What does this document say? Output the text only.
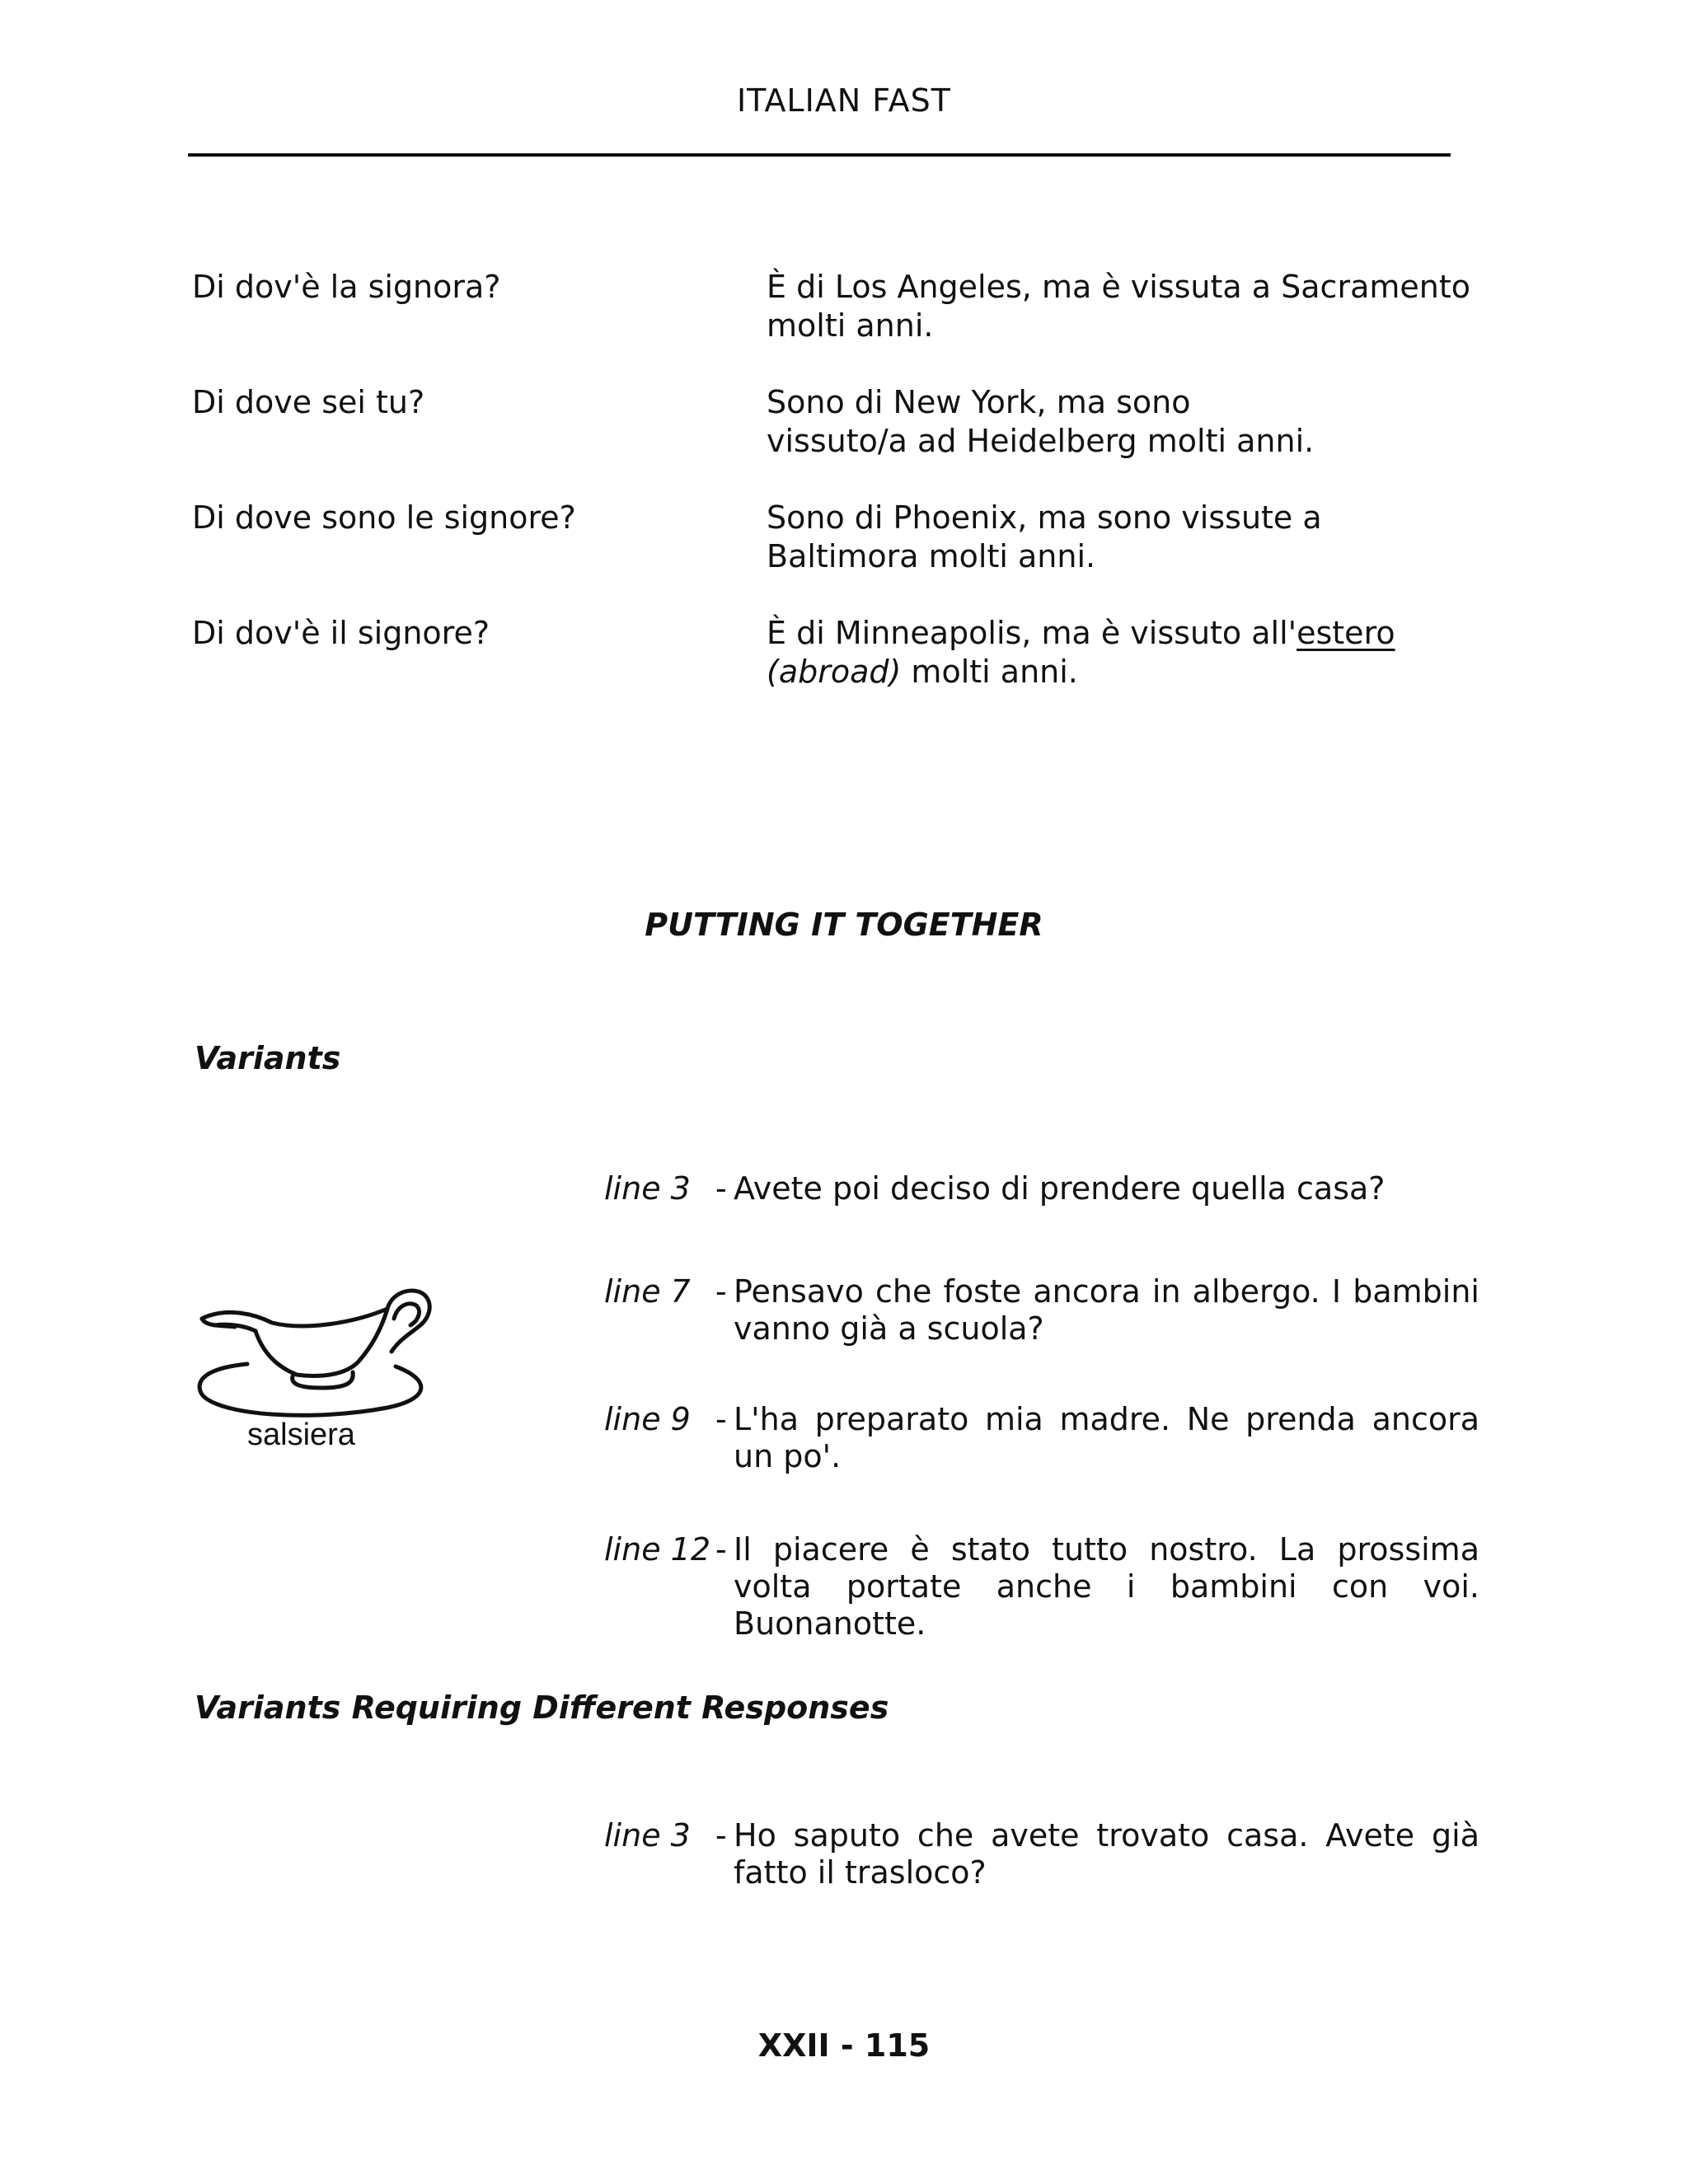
ITALIAN FAST
Di dov'è la signora?	È di Los Angeles, ma è vissuta a Sacramento
molti anni.
Di dove sei tu?	Sono di New York, ma sono
vissuto/a ad Heidelberg molti anni.
Di dove sono le signore?	Sono di Phoenix, ma sono vissute a
Baltimora molti anni.
Di dov'è il signore?	È di Minneapolis, ma è vissuto all'estero
(abroad) molti anni.
PUTTING IT TOGETHER
Variants
line 3 - Avete poi deciso di prendere quella casa?
line 7 - Pensavo che foste ancora in albergo. I bambini vanno già a scuola?
line 9 - L'ha preparato mia madre. Ne prenda ancora un po'.
line 12 - Il piacere è stato tutto nostro. La prossima volta portate anche i bambini con voi. Buonanotte.
salsiera
Variants Requiring Different Responses
line 3 - Ho saputo che avete trovato casa. Avete già fatto il trasloco?
XXII - 115
